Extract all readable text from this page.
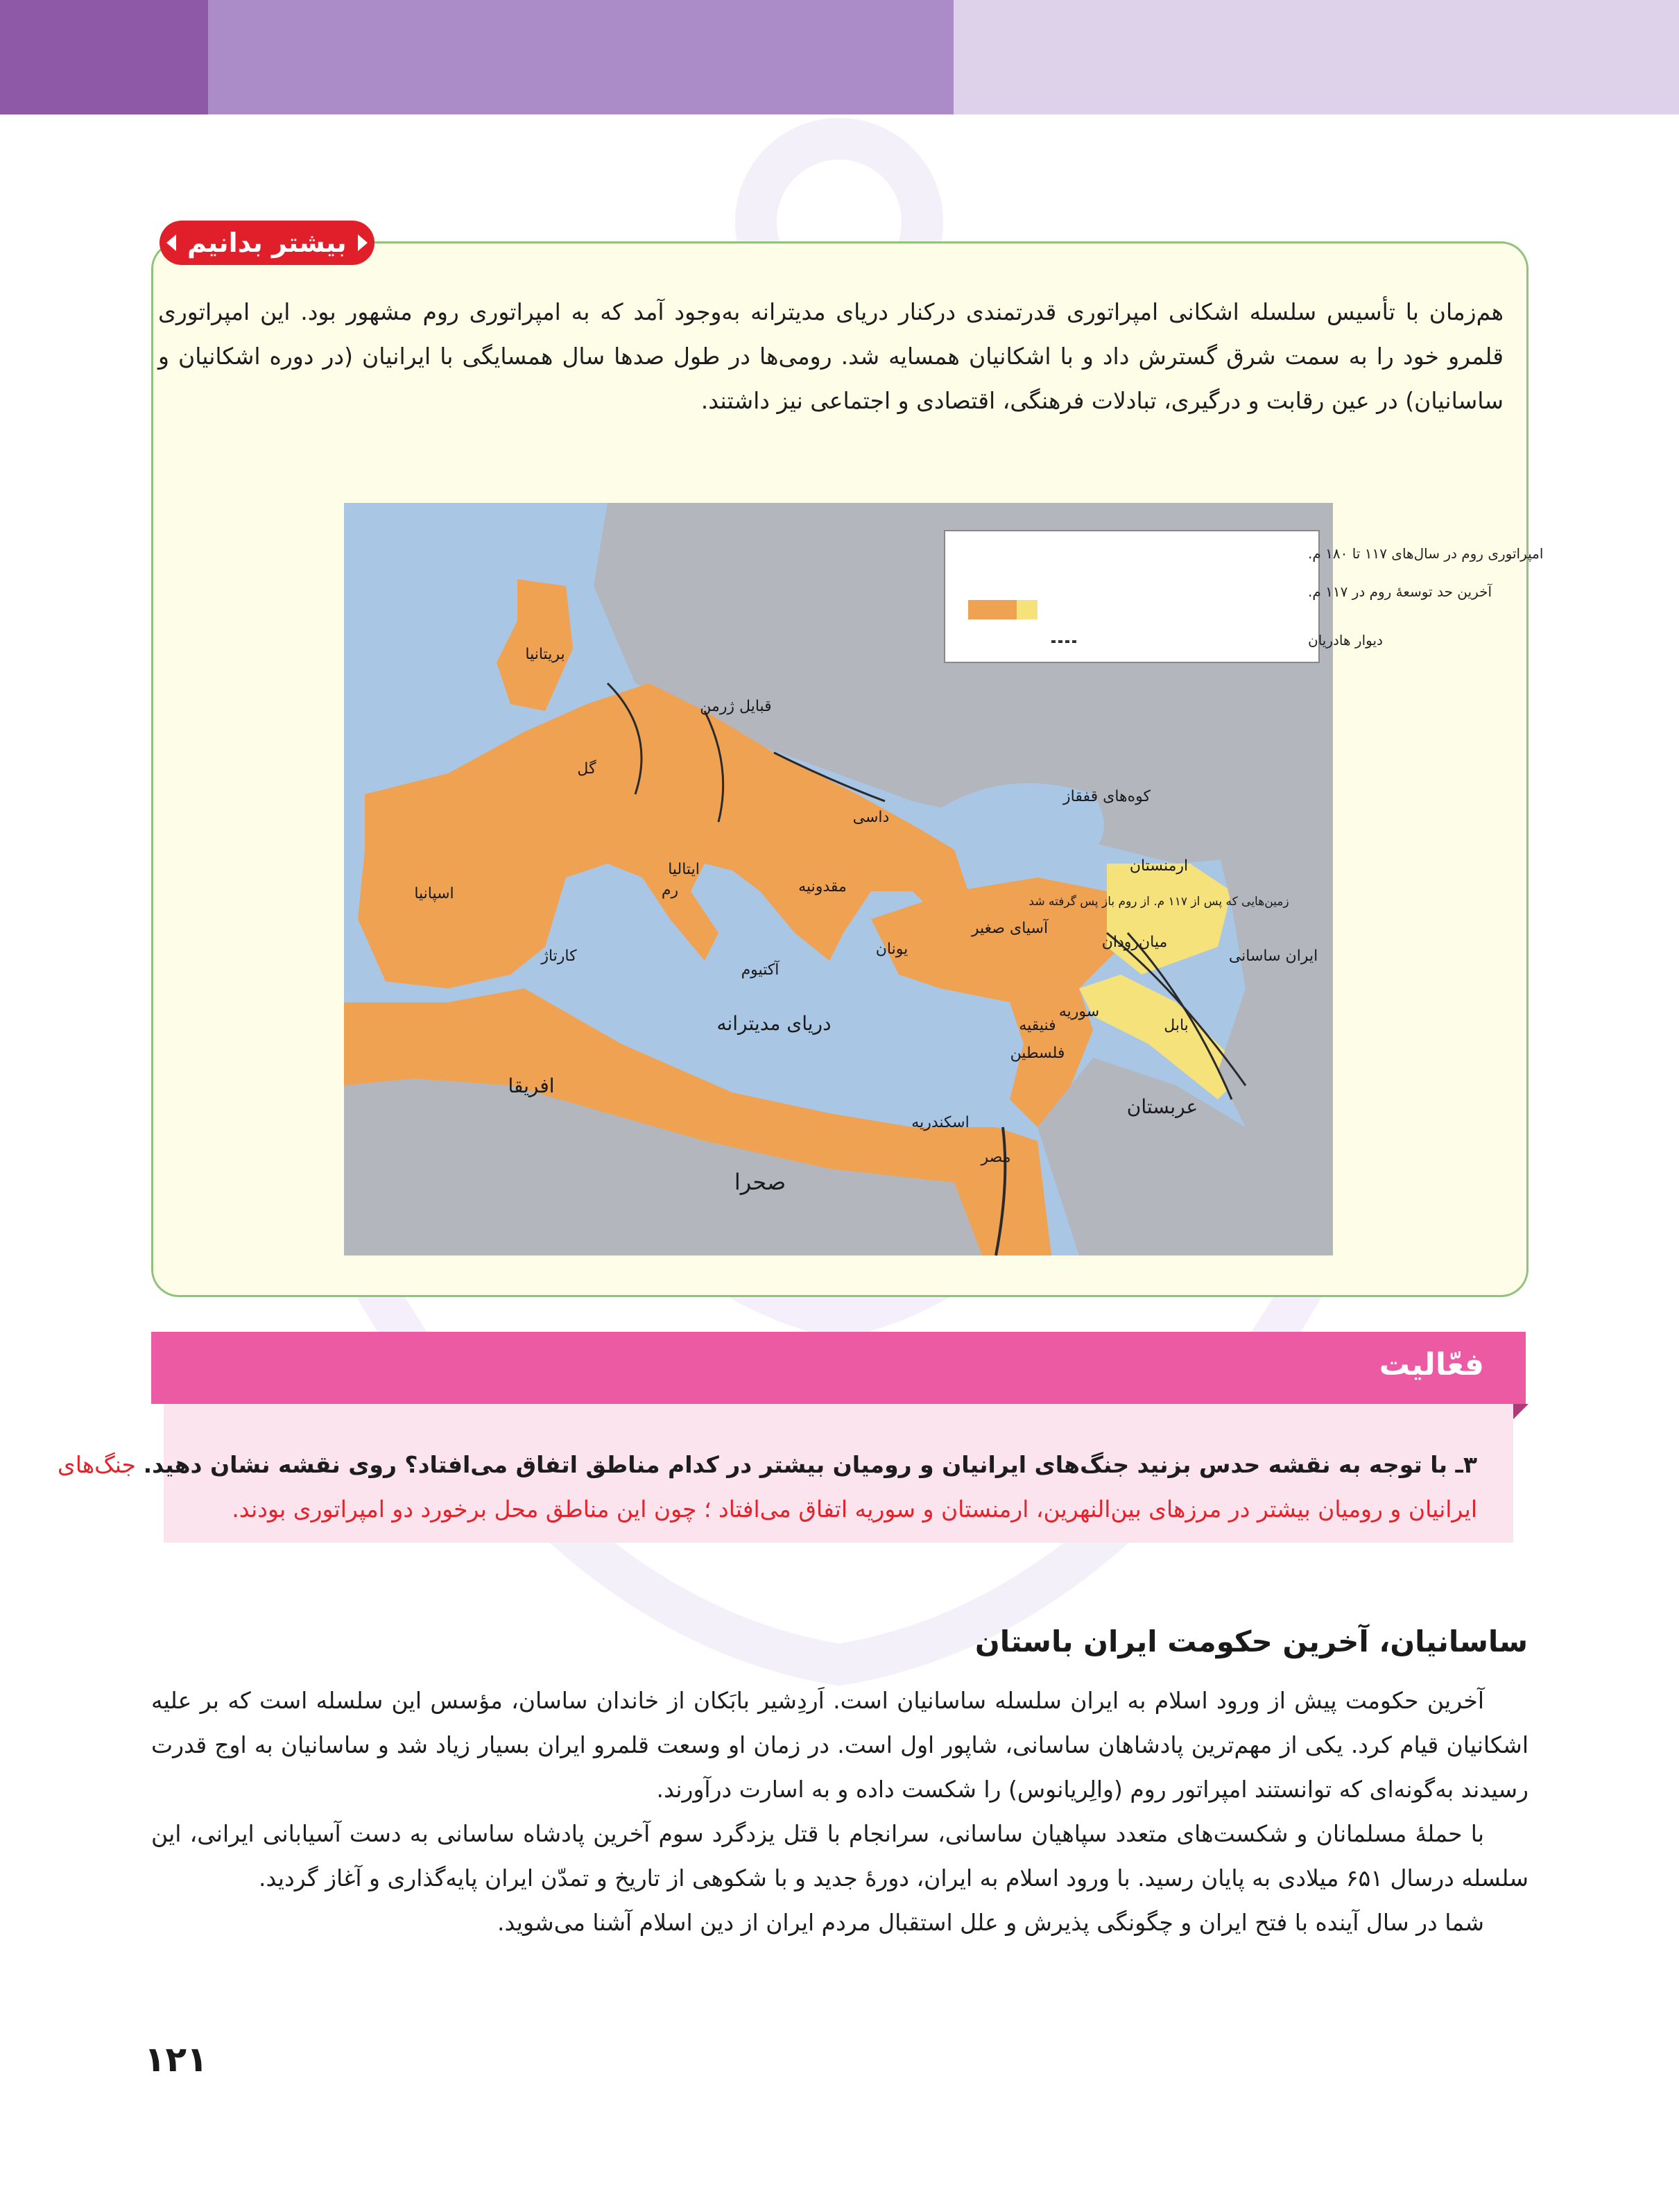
بیشتر بدانیم

هم‌زمان با تأسیس سلسله اشکانی امپراتوری قدرتمندی درکنار دریای مدیترانه به‌وجود آمد که به امپراتوری روم مشهور بود. این امپراتوری قلمرو خود را به سمت شرق گسترش داد و با اشکانیان همسایه شد. رومی‌ها در طول صدها سال همسایگی با ایرانیان (در دوره اشکانیان و ساسانیان) در عین رقابت و درگیری، تبادلات فرهنگی، اقتصادی و اجتماعی نیز داشتند.

امپراتوری روم در سال‌های ۱۱۷ تا ۱۸۰ م.
آخرین حد توسعهٔ روم در ۱۱۷ م.
دیوار هادریان
بریتانیا
قبایل ژرمن
گل
کوه‌های قفقاز
داسی
اسپانیا
ایتالیا
رم	مقدونیه
ارمنستان
زمین‌هایی که پس از ۱۱۷ م. از روم باز پس گرفته شد
آسیای صغیر
یونان
کارتاژ
آکتیوم
میان‌رودان
ایران ساسانی
سوریه
بابل
فنیقیه
دریای مدیترانه
فلسطین
افریقا
عربستان
اسکندریه
مصر
صحرا
فعّالیت

۳ـ با توجه به نقشه حدس بزنید جنگ‌های ایرانیان و رومیان بیشتر در کدام مناطق اتفاق می‌افتاد؟ روی نقشه نشان دهید. جنگ‌های ایرانیان و رومیان بیشتر در مرزهای بین‌النهرین، ارمنستان و سوریه اتفاق می‌افتاد ؛ چون این مناطق محل برخورد دو امپراتوری بودند.

ساسانیان، آخرین حکومت ایران باستان

آخرین حکومت پیش از ورود اسلام به ایران سلسله ساسانیان است. اَردِشیر بابَکان از خاندان ساسان، مؤسس این سلسله است که بر علیه اشکانیان قیام کرد. یکی از مهم‌ترین پادشاهان ساسانی، شاپور اول است. در زمان او وسعت قلمرو ایران بسیار زیاد شد و ساسانیان به اوج قدرت رسیدند به‌گونه‌ای که توانستند امپراتور روم (والِریانوس) را شکست داده و به اسارت درآورند.

با حملهٔ مسلمانان و شکست‌های متعدد سپاهیان ساسانی، سرانجام با قتل یزدگرد سوم آخرین پادشاه ساسانی به دست آسیابانی ایرانی، این سلسله درسال ۶۵۱ میلادی به پایان رسید. با ورود اسلام به ایران، دورهٔ جدید و با شکوهی از تاریخ و تمدّن ایران پایه‌گذاری و آغاز گردید.

شما در سال آینده با فتح ایران و چگونگی پذیرش و علل استقبال مردم ایران از دین اسلام آشنا می‌شوید.

۱۲۱
